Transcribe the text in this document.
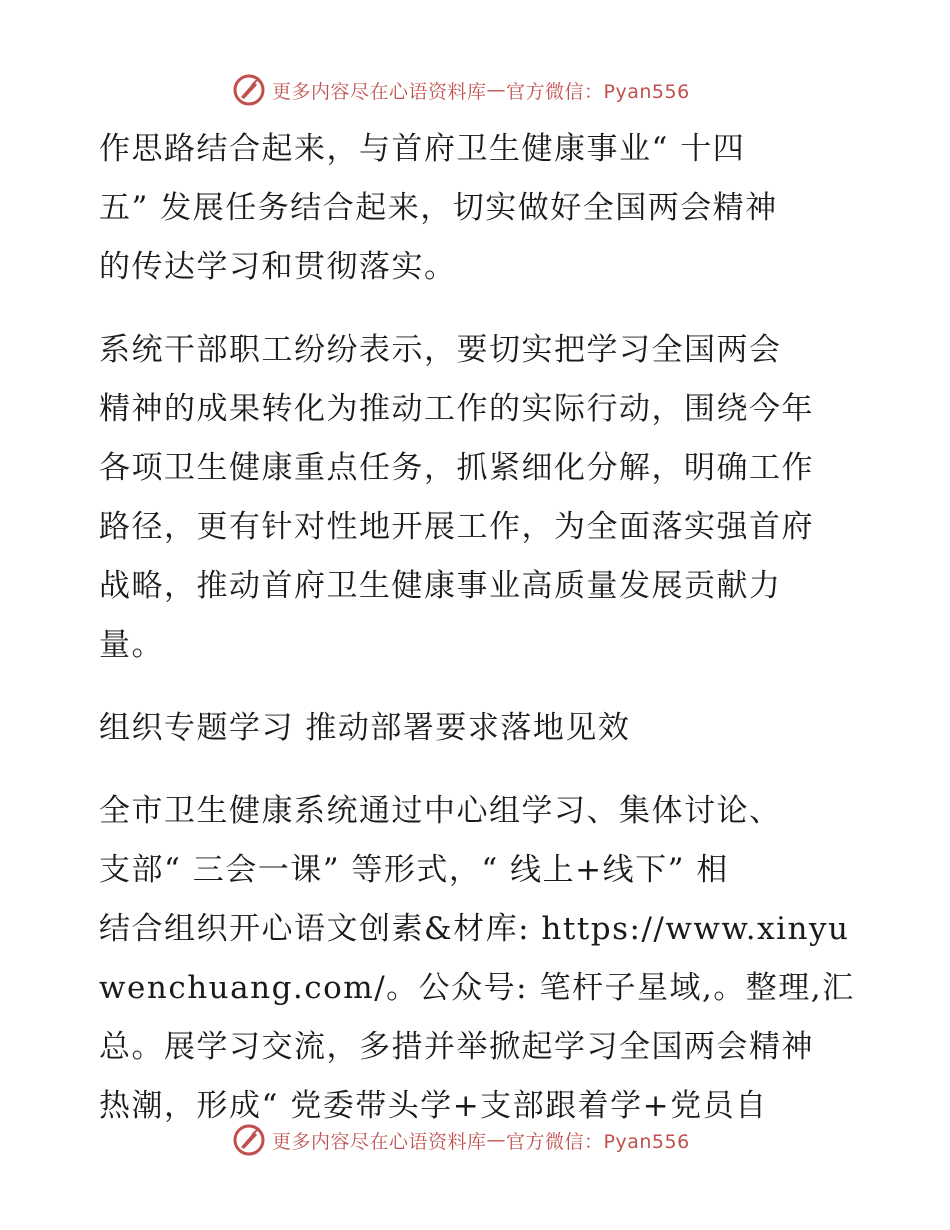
更多内容尽在心语资料库 — 官方微信：Pyan556

作思路结合起来，与首府卫生健康事业“ 十四

五” 发展任务结合起来，切实做好全国两会精神

的传达学习和贯彻落实。

系统干部职工纷纷表示，要切实把学习全国两会

精神的成果转化为推动工作的实际行动，围绕今年

各项卫生健康重点任务，抓紧细化分解，明确工作

路径，更有针对性地开展工作，为全面落实强首府

战略，推动首府卫生健康事业高质量发展贡献力

量。

组织专题学习 推动部署要求落地见效

全市卫生健康系统通过中心组学习、集体讨论、

支部“ 三会一课” 等形式，“ 线上+线下” 相

结合组织开心语文创素&材库: https://www.xinyu

wenchuang.com/。公众号: 笔杆子星域,。整理,汇

总。展学习交流，多措并举掀起学习全国两会精神

热潮，形成“ 党委带头学+支部跟着学+党员自

更多内容尽在心语资料库 — 官方微信：Pyan556
